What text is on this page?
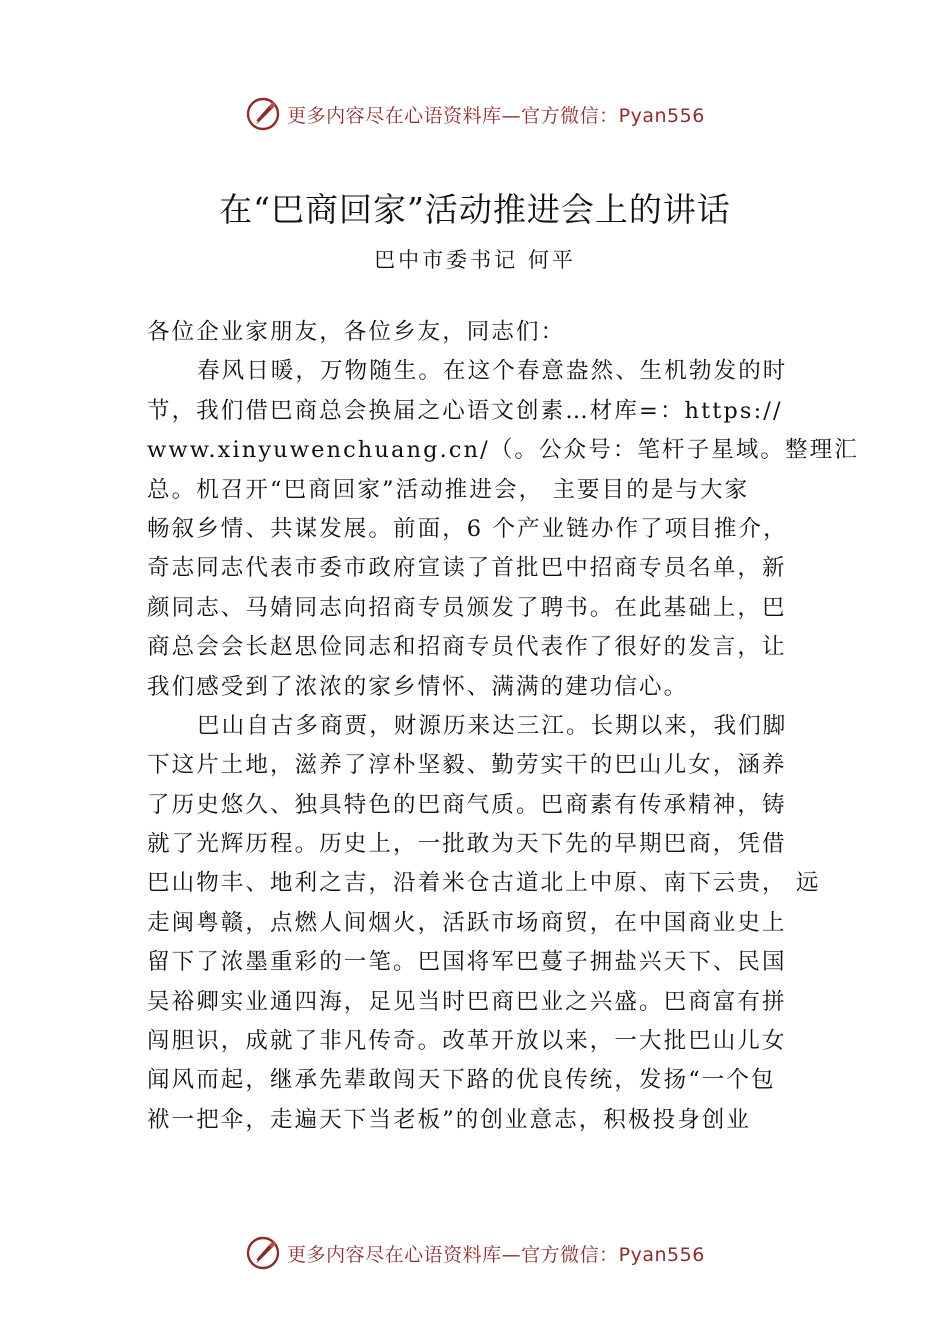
更多内容尽在心语资料库—官方微信：Pyan556
在“巴商回家”活动推进会上的讲话
巴中市委书记 何平
各位企业家朋友，各位乡友，同志们：
春风日暖，万物随生。在这个春意盎然、生机勃发的时
节，我们借巴商总会换届之心语文创素…材库=：https://
www.xinyuwenchuang.cn/（。公众号：笔杆子星域。整理汇
总。机召开“巴商回家”活动推进会， 主要目的是与大家
畅叙乡情、共谋发展。前面，6 个产业链办作了项目推介，
奇志同志代表市委市政府宣读了首批巴中招商专员名单，新
颜同志、马婧同志向招商专员颁发了聘书。在此基础上，巴
商总会会长赵思俭同志和招商专员代表作了很好的发言，让
我们感受到了浓浓的家乡情怀、满满的建功信心。
巴山自古多商贾，财源历来达三江。长期以来，我们脚
下这片土地，滋养了淳朴坚毅、勤劳实干的巴山儿女，涵养
了历史悠久、独具特色的巴商气质。巴商素有传承精神，铸
就了光辉历程。历史上，一批敢为天下先的早期巴商，凭借
巴山物丰、地利之吉，沿着米仓古道北上中原、南下云贵， 远
走闽粤赣，点燃人间烟火，活跃市场商贸，在中国商业史上
留下了浓墨重彩的一笔。巴国将军巴蔓子拥盐兴天下、民国
吴裕卿实业通四海，足见当时巴商巴业之兴盛。巴商富有拼
闯胆识，成就了非凡传奇。改革开放以来，一大批巴山儿女
闻风而起，继承先辈敢闯天下路的优良传统，发扬“一个包
袱一把伞，走遍天下当老板”的创业意志，积极投身创业
更多内容尽在心语资料库—官方微信：Pyan556
